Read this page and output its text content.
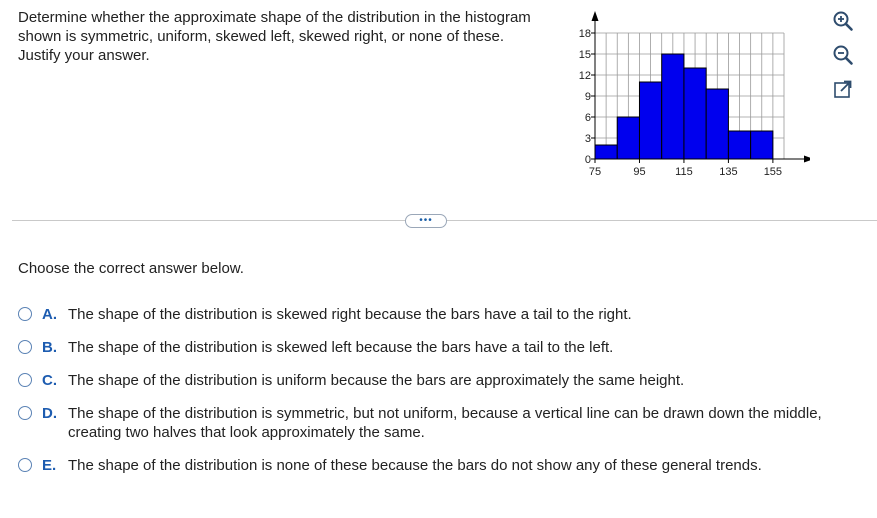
Determine whether the approximate shape of the distribution in the histogram shown is symmetric, uniform, skewed left, skewed right, or none of these. Justify your answer.
0
3
6
9
12
15
18
75	95	115 135 155
•••
Choose the correct answer below.
A. The shape of the distribution is skewed right because the bars have a tail to the right.
B. The shape of the distribution is skewed left because the bars have a tail to the left.
C. The shape of the distribution is uniform because the bars are approximately the same height.
D. The shape of the distribution is symmetric, but not uniform, because a vertical line can be drawn down the middle, creating two halves that look approximately the same.
E. The shape of the distribution is none of these because the bars do not show any of these general trends.
